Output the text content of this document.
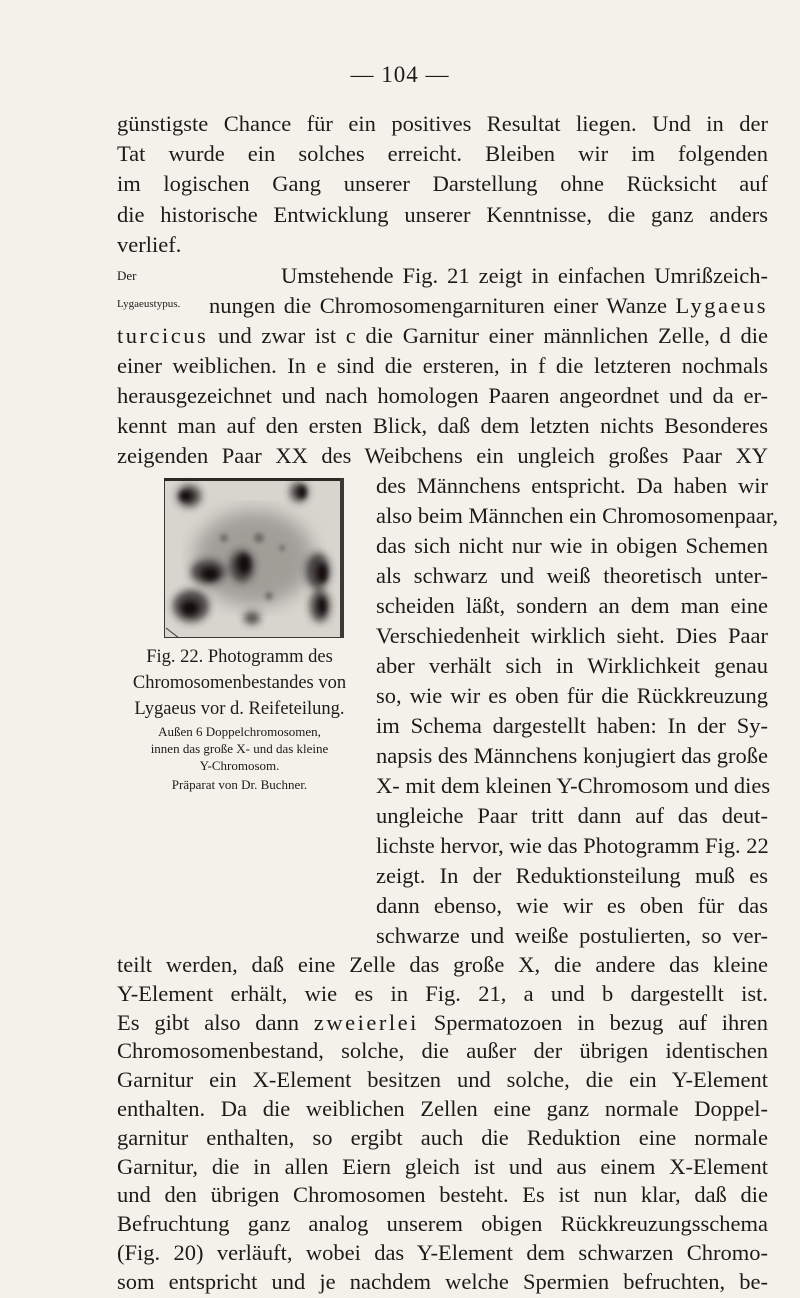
— 104 —
günstigste Chance für ein positives Resultat liegen. Und in der
Tat wurde ein solches erreicht. Bleiben wir im folgenden
im logischen Gang unserer Darstellung ohne Rücksicht auf
die historische Entwicklung unserer Kenntnisse, die ganz anders
verlief.
Der
Lygaeustypus.
Umstehende Fig. 21 zeigt in einfachen Umrißzeich-
nungen die Chromosomengarnituren einer Wanze Lygaeus
turcicus und zwar ist c die Garnitur einer männlichen Zelle, d die
einer weiblichen. In e sind die ersteren, in f die letzteren nochmals
herausgezeichnet und nach homologen Paaren angeordnet und da er-
kennt man auf den ersten Blick, daß dem letzten nichts Besonderes
zeigenden Paar XX des Weibchens ein ungleich großes Paar XY
des Männchens entspricht. Da haben wir
also beim Männchen ein Chromosomenpaar,
das sich nicht nur wie in obigen Schemen
als schwarz und weiß theoretisch unter-
scheiden läßt, sondern an dem man eine
Verschiedenheit wirklich sieht. Dies Paar
aber verhält sich in Wirklichkeit genau
so, wie wir es oben für die Rückkreuzung
im Schema dargestellt haben: In der Sy-
napsis des Männchens konjugiert das große
X- mit dem kleinen Y-Chromosom und dies
ungleiche Paar tritt dann auf das deut-
lichste hervor, wie das Photogramm Fig. 22
zeigt. In der Reduktionsteilung muß es
dann ebenso, wie wir es oben für das
schwarze und weiße postulierten, so ver-
Fig. 22. Photogramm des
Chromosomenbestandes von
Lygaeus vor d. Reifeteilung.
Außen 6 Doppelchromosomen,
innen das große X- und das kleine
Y-Chromosom.
Präparat von Dr. Buchner.
teilt werden, daß eine Zelle das große X, die andere das kleine
Y-Element erhält, wie es in Fig. 21, a und b dargestellt ist.
Es gibt also dann zweierlei Spermatozoen in bezug auf ihren
Chromosomenbestand, solche, die außer der übrigen identischen
Garnitur ein X-Element besitzen und solche, die ein Y-Element
enthalten. Da die weiblichen Zellen eine ganz normale Doppel-
garnitur enthalten, so ergibt auch die Reduktion eine normale
Garnitur, die in allen Eiern gleich ist und aus einem X-Element
und den übrigen Chromosomen besteht. Es ist nun klar, daß die
Befruchtung ganz analog unserem obigen Rückkreuzungsschema
(Fig. 20) verläuft, wobei das Y-Element dem schwarzen Chromo-
som entspricht und je nachdem welche Spermien befruchten, be-
